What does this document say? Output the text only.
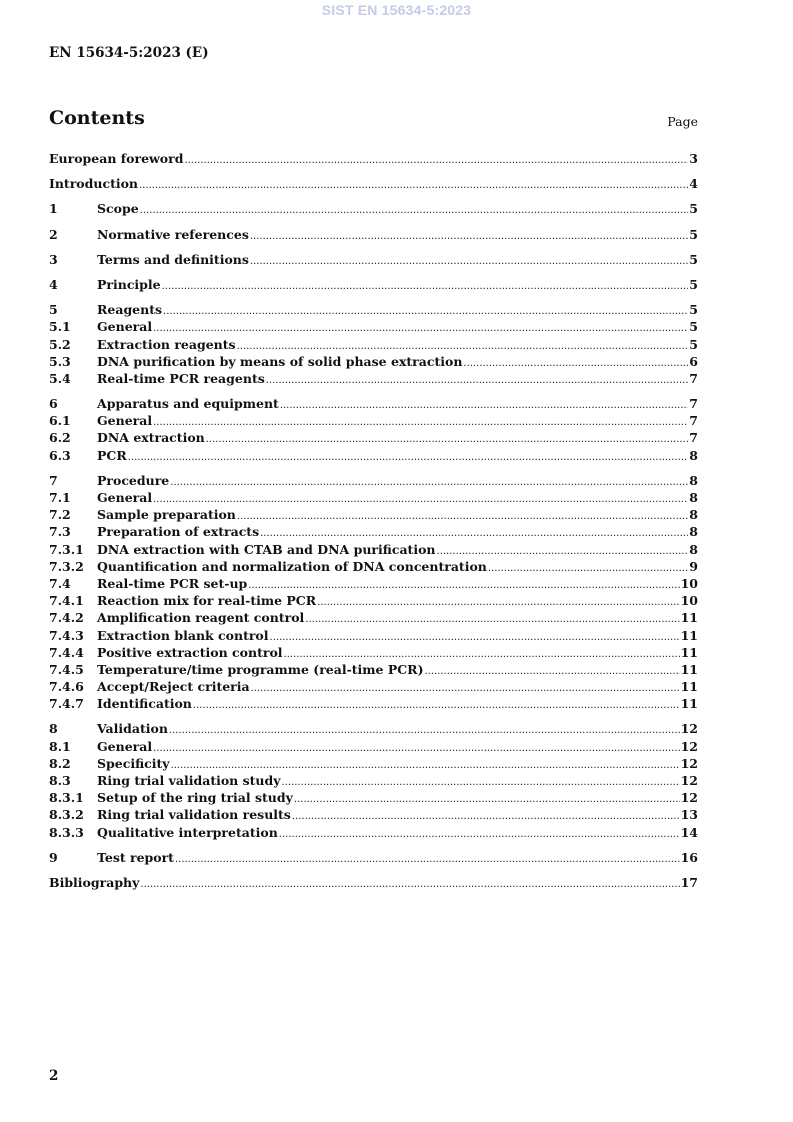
SIST EN 15634-5:2023
EN 15634-5:2023 (E)
Contents	Page
European foreword .....	3
Introduction .....	4
1	Scope .....	5
2	Normative references .....	5
3	Terms and definitions .....	5
4	Principle .....	5
5	Reagents .....	5
5.1	General .....	5
5.2	Extraction reagents .....	5
5.3	DNA purification by means of solid phase extraction .....	6
5.4	Real-time PCR reagents .....	7
6	Apparatus and equipment .....	7
6.1	General .....	7
6.2	DNA extraction .....	7
6.3	PCR .....	8
7	Procedure .....	8
7.1	General .....	8
7.2	Sample preparation .....	8
7.3	Preparation of extracts .....	8
7.3.1	DNA extraction with CTAB and DNA purification .....	8
7.3.2	Quantification and normalization of DNA concentration .....	9
7.4	Real-time PCR set-up .....	10
7.4.1	Reaction mix for real-time PCR .....	10
7.4.2	Amplification reagent control .....	11
7.4.3	Extraction blank control .....	11
7.4.4	Positive extraction control .....	11
7.4.5	Temperature/time programme (real-time PCR) .....	11
7.4.6	Accept/Reject criteria .....	11
7.4.7	Identification .....	11
8	Validation .....	12
8.1	General .....	12
8.2	Specificity .....	12
8.3	Ring trial validation study .....	12
8.3.1	Setup of the ring trial study .....	12
8.3.2	Ring trial validation results .....	13
8.3.3	Qualitative interpretation .....	14
9	Test report .....	16
Bibliography .....	17
2
